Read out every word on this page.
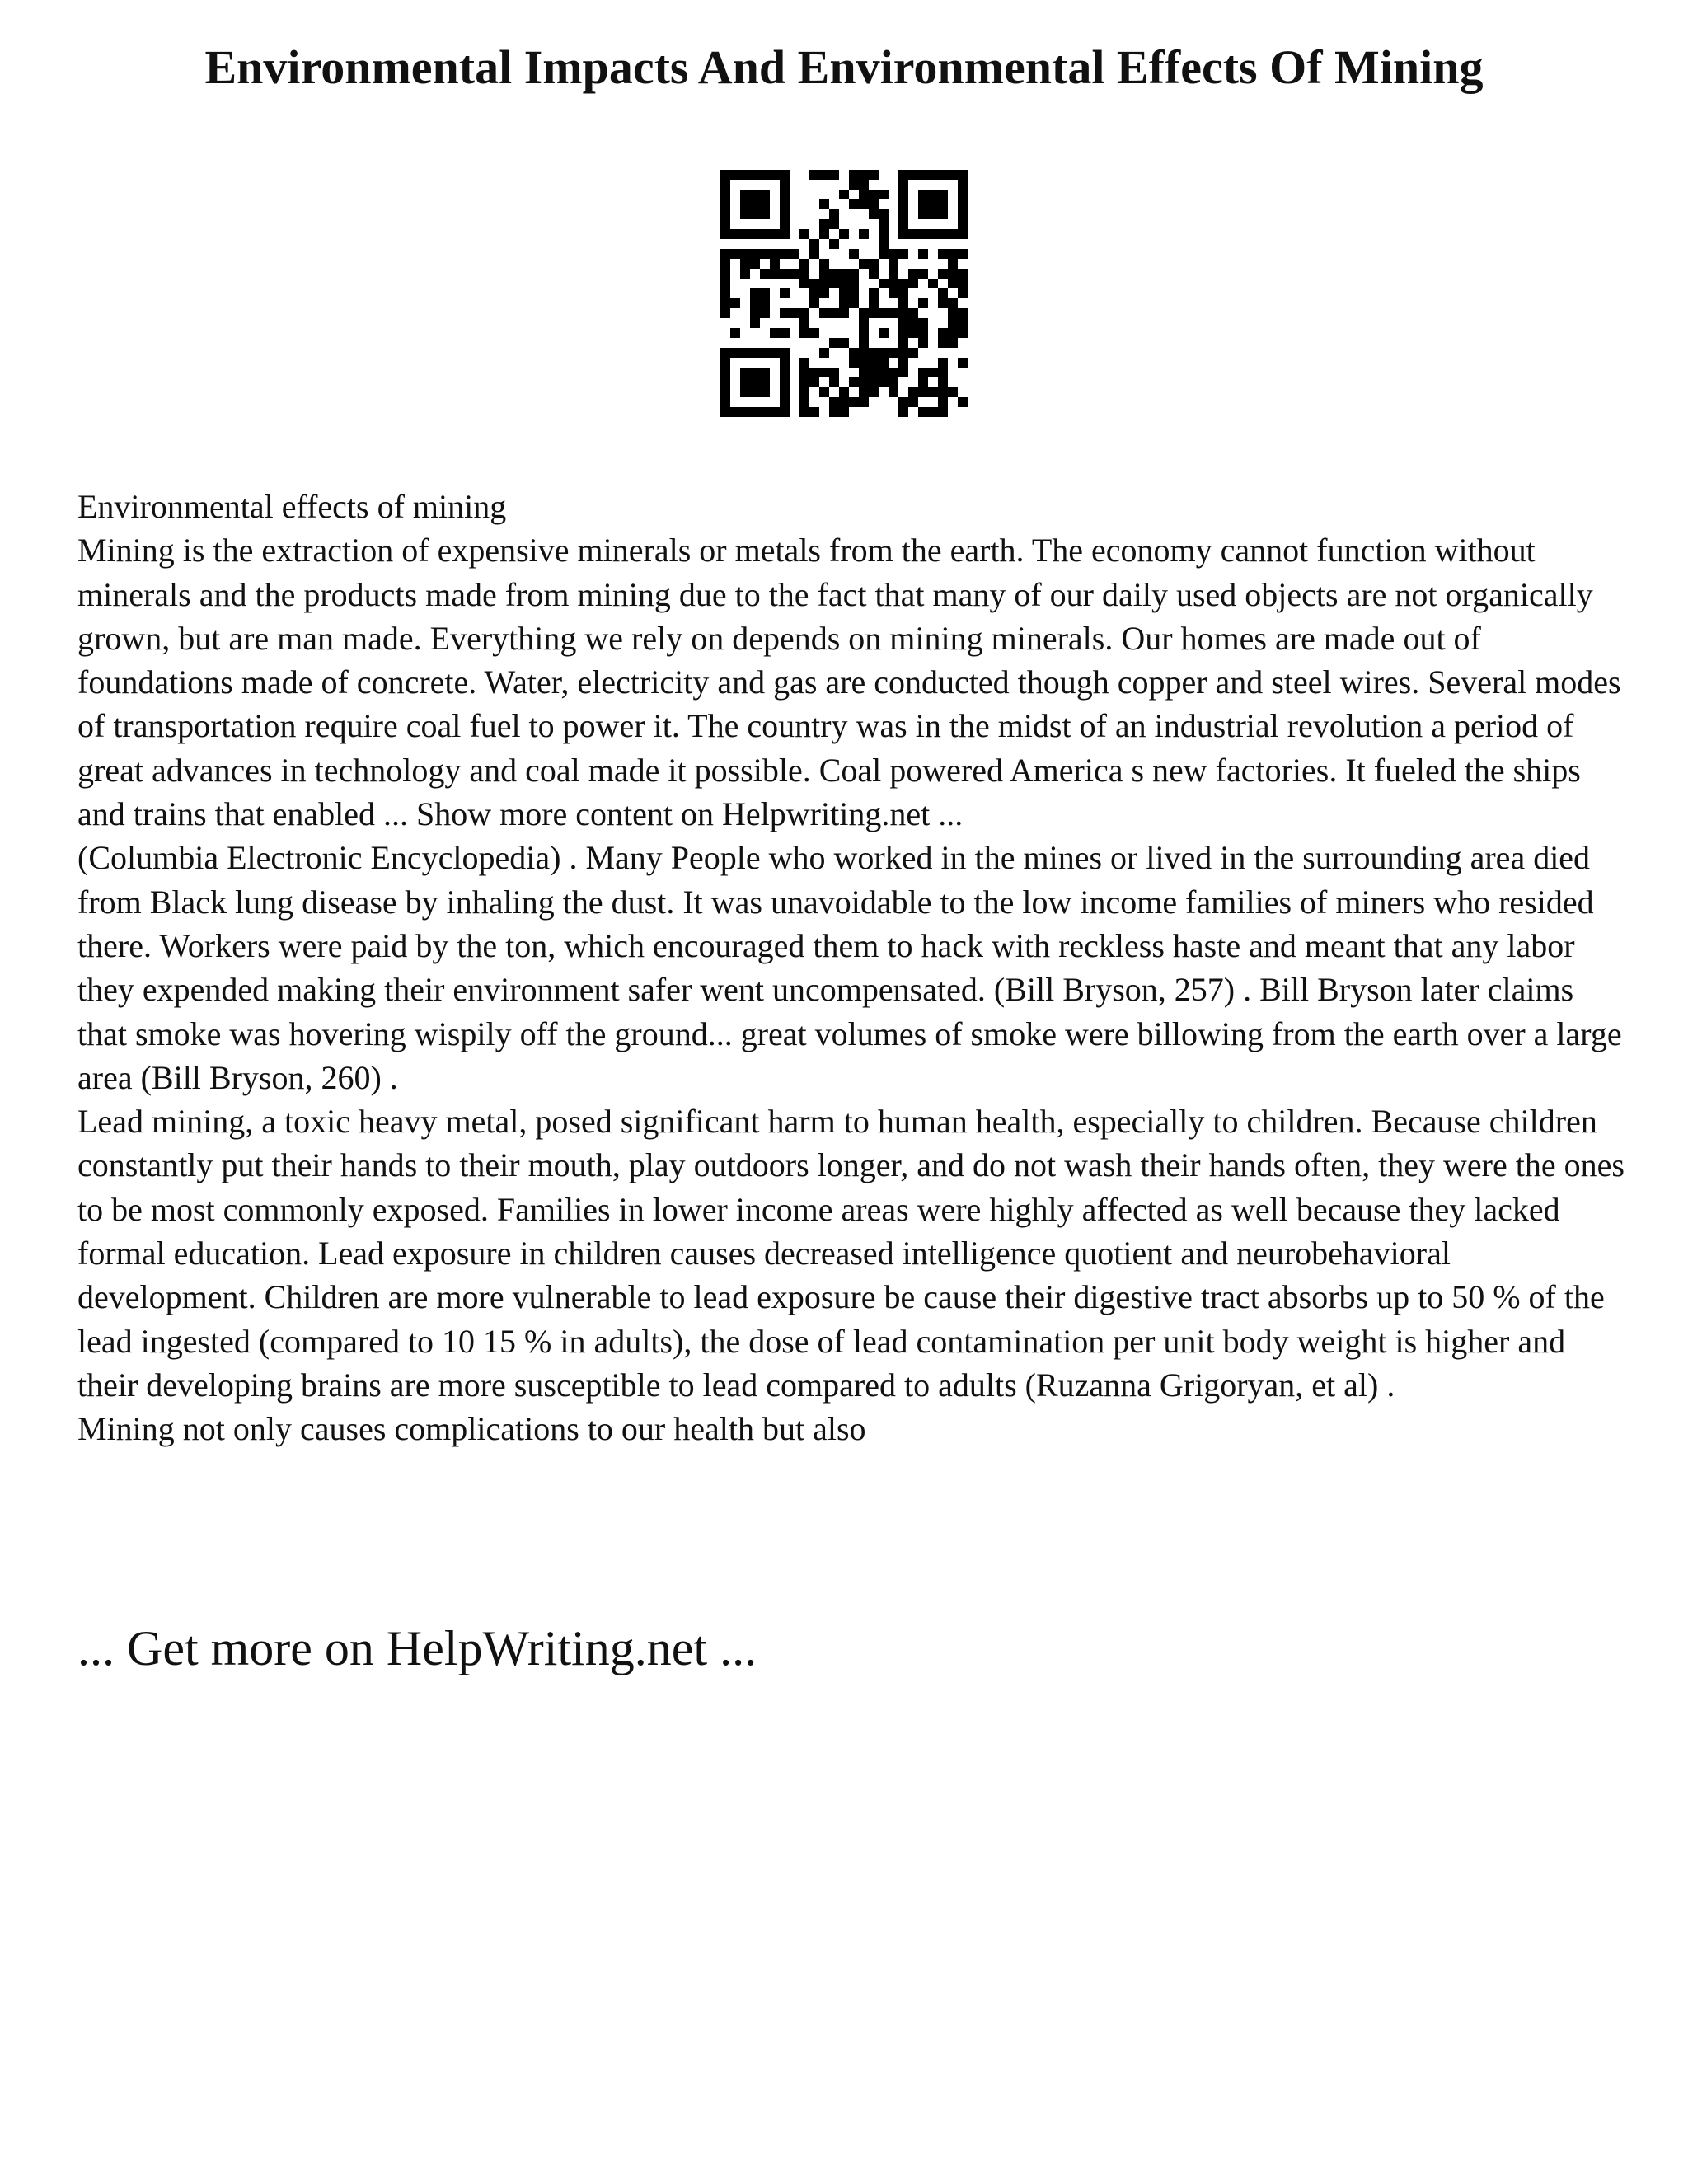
Environmental Impacts And Environmental Effects Of Mining

Environmental effects of mining

Mining is the extraction of expensive minerals or metals from the earth. The economy cannot function without minerals and the products made from mining due to the fact that many of our daily used objects are not organically grown, but are man made. Everything we rely on depends on mining minerals. Our homes are made out of foundations made of concrete. Water, electricity and gas are conducted though copper and steel wires. Several modes of transportation require coal fuel to power it. The country was in the midst of an industrial revolution a period of great advances in technology and coal made it possible. Coal powered America s new factories. It fueled the ships and trains that enabled ... Show more content on Helpwriting.net ...

(Columbia Electronic Encyclopedia) . Many People who worked in the mines or lived in the surrounding area died from Black lung disease by inhaling the dust. It was unavoidable to the low income families of miners who resided there. Workers were paid by the ton, which encouraged them to hack with reckless haste and meant that any labor they expended making their environment safer went uncompensated. (Bill Bryson, 257) . Bill Bryson later claims that smoke was hovering wispily off the ground... great volumes of smoke were billowing from the earth over a large area (Bill Bryson, 260) .

Lead mining, a toxic heavy metal, posed significant harm to human health, especially to children. Because children constantly put their hands to their mouth, play outdoors longer, and do not wash their hands often, they were the ones to be most commonly exposed. Families in lower income areas were highly affected as well because they lacked formal education. Lead exposure in children causes decreased intelligence quotient and neurobehavioral development. Children are more vulnerable to lead exposure be cause their digestive tract absorbs up to 50 % of the lead ingested (compared to 10 15 % in adults), the dose of lead contamination per unit body weight is higher and their developing brains are more susceptible to lead compared to adults (Ruzanna Grigoryan, et al) .

Mining not only causes complications to our health but also

... Get more on HelpWriting.net ...
